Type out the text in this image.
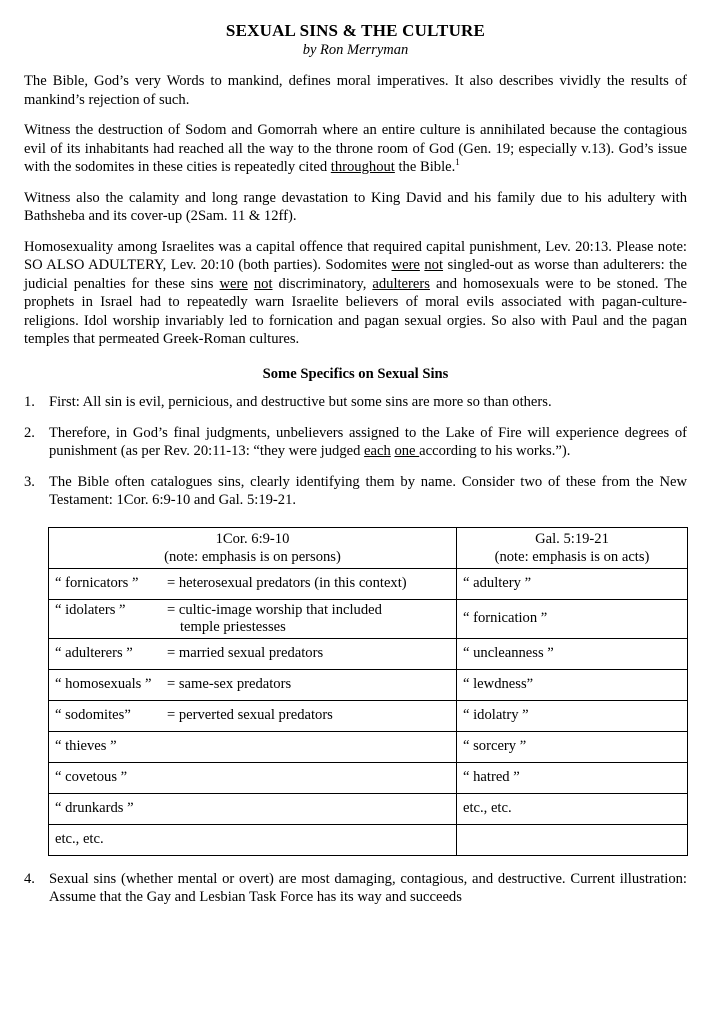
SEXUAL SINS & THE CULTURE
by Ron Merryman

The Bible, God’s very Words to mankind, defines moral imperatives. It also describes vividly the results of mankind’s rejection of such.

Witness the destruction of Sodom and Gomorrah where an entire culture is annihilated because the contagious evil of its inhabitants had reached all the way to the throne room of God (Gen. 19; especially v.13). God’s issue with the sodomites in these cities is repeatedly cited throughout the Bible.$^1$

Witness also the calamity and long range devastation to King David and his family due to his adultery with Bathsheba and its cover-up (2Sam. 11 & 12ff).

Homosexuality among Israelites was a capital offence that required capital punishment, Lev. 20:13. Please note: SO ALSO ADULTERY, Lev. 20:10 (both parties). Sodomites were not singled-out as worse than adulterers: the judicial penalties for these sins were not discriminatory, adulterers and homosexuals were to be stoned. The prophets in Israel had to repeatedly warn Israelite believers of moral evils associated with pagan-culture-religions. Idol worship invariably led to fornication and pagan sexual orgies. So also with Paul and the pagan temples that permeated Greek-Roman cultures.

Some Specifics on Sexual Sins
1. First: All sin is evil, pernicious, and destructive but some sins are more so than others.
2. Therefore, in God’s final judgments, unbelievers assigned to the Lake of Fire will experience degrees of punishment (as per Rev. 20:11-13: “they were judged each one according to his works.”).
3. The Bible often catalogues sins, clearly identifying them by name. Consider two of these from the New Testament: 1Cor. 6:9-10 and Gal. 5:19-21.
1Cor. 6:9-10
(note: emphasis is on persons)	Gal. 5:19-21
(note: emphasis is on acts)
“ fornicators ” = heterosexual predators (in this context)	“ adultery ”
“ idolaters ” = cultic-image worship that included
temple priestesses	“ fornication ”
“ adulterers ” = married sexual predators	“ uncleanness ”
“ homosexuals ” = same-sex predators	“ lewdness”
“ sodomites” = perverted sexual predators	“ idolatry ”
“ thieves ”	“ sorcery ”
“ covetous ”	“ hatred ”
“ drunkards ”	etc., etc.
etc., etc.	
4. Sexual sins (whether mental or overt) are most damaging, contagious, and destructive. Current illustration: Assume that the Gay and Lesbian Task Force has its way and succeeds
